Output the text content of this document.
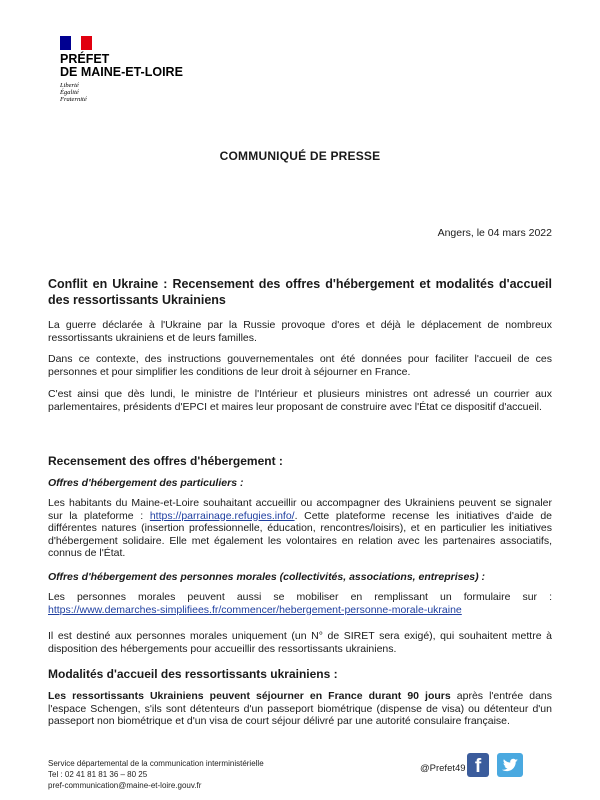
PRÉFET
DE MAINE-ET-LOIRE
Liberté
Égalité
Fraternité
COMMUNIQUÉ DE PRESSE
Angers, le 04 mars 2022
Conflit en Ukraine : Recensement des offres d'hébergement et modalités d'accueil des ressortissants Ukrainiens

La guerre déclarée à l'Ukraine par la Russie provoque d'ores et déjà le déplacement de nombreux ressortissants ukrainiens et de leurs familles.

Dans ce contexte, des instructions gouvernementales ont été données pour faciliter l'accueil de ces personnes et pour simplifier les conditions de leur droit à séjourner en France.

C'est ainsi que dès lundi, le ministre de l'Intérieur et plusieurs ministres ont adressé un courrier aux parlementaires, présidents d'EPCI et maires leur proposant de construire avec l'État ce dispositif d'accueil.

Recensement des offres d'hébergement :
Offres d'hébergement des particuliers :

Les habitants du Maine-et-Loire souhaitant accueillir ou accompagner des Ukrainiens peuvent se signaler sur la plateforme : https://parrainage.refugies.info/. Cette plateforme recense les initiatives d'aide de différentes natures (insertion professionnelle, éducation, rencontres/loisirs), et en particulier les initiatives d'hébergement solidaire. Elle met également les volontaires en relation avec les partenaires associatifs, connus de l'État.

Offres d'hébergement des personnes morales (collectivités, associations, entreprises) :

Les personnes morales peuvent aussi se mobiliser en remplissant un formulaire sur : https://www.demarches-simplifiees.fr/commencer/hebergement-personne-morale-ukraine

Il est destiné aux personnes morales uniquement (un N° de SIRET sera exigé), qui souhaitent mettre à disposition des hébergements pour accueillir des ressortissants ukrainiens.

Modalités d'accueil des ressortissants ukrainiens :

Les ressortissants Ukrainiens peuvent séjourner en France durant 90 jours après l'entrée dans l'espace Schengen, s'ils sont détenteurs d'un passeport biométrique (dispense de visa) ou détenteur d'un passeport non biométrique et d'un visa de court séjour délivré par une autorité consulaire française.

Service départemental de la communication interministérielle
Tel : 02 41 81 81 36 – 80 25
pref-communication@maine-et-loire.gouv.fr
@Prefet49 f
